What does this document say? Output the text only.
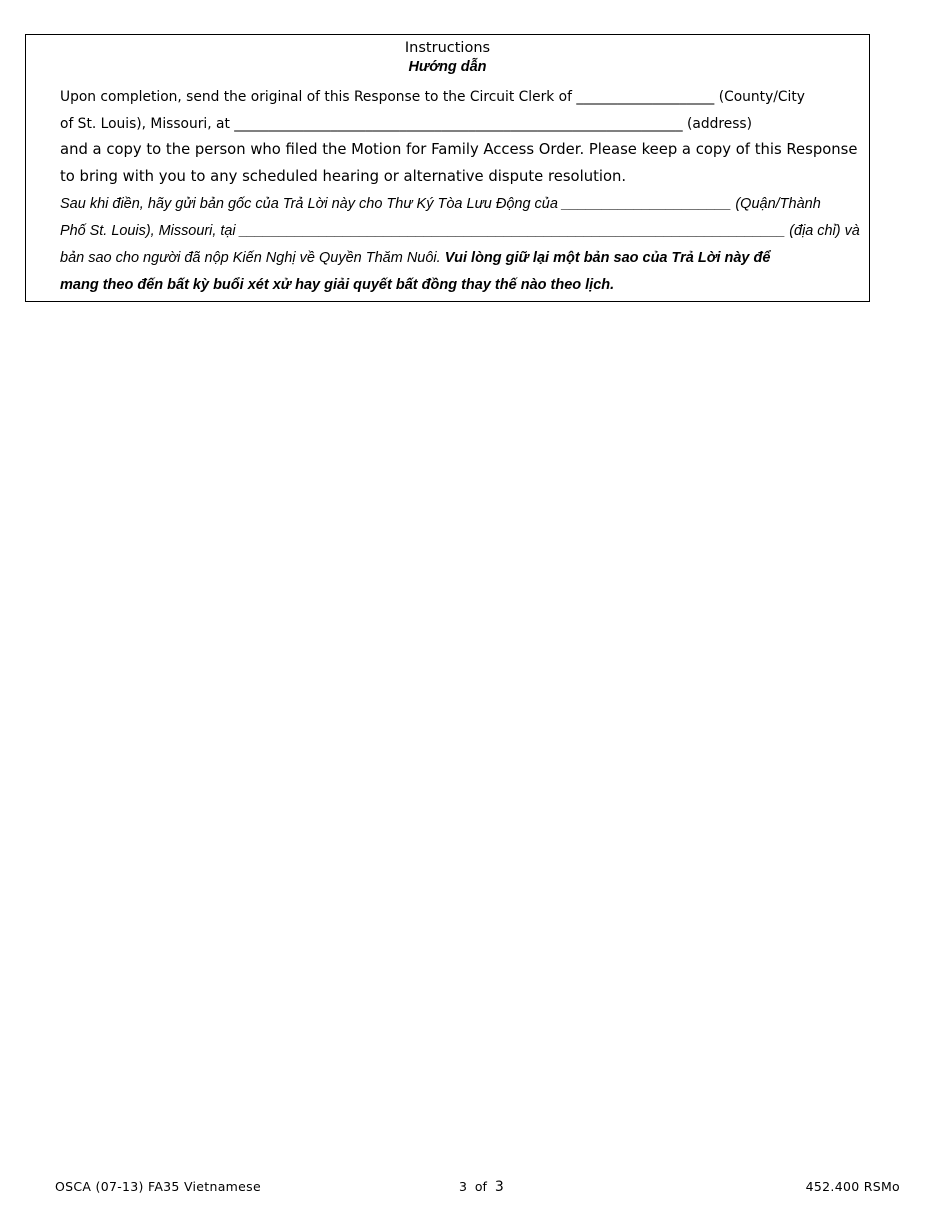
Instructions
Hướng dẫn
Upon completion, send the original of this Response to the Circuit Clerk of ____________________ (County/City
of St. Louis), Missouri, at _________________________________________________________________ (address)
and a copy to the person who filed the Motion for Family Access Order. Please keep a copy of this Response
to bring with you to any scheduled hearing or alternative dispute resolution.
Sau khi điền, hãy gửi bản gốc của Trả Lời này cho Thư Ký Tòa Lưu Động của _____________________ (Quận/Thành
Phố St. Louis), Missouri, tại ____________________________________________________________________ (địa chỉ) và
bản sao cho người đã nộp Kiến Nghị về Quyền Thăm Nuôi. Vui lòng giữ lại một bản sao của Trả Lời này để
mang theo đến bất kỳ buổi xét xử hay giải quyết bất đồng thay thế nào theo lịch.
OSCA (07-13) FA35 Vietnamese	3 of 3	452.400 RSMo
